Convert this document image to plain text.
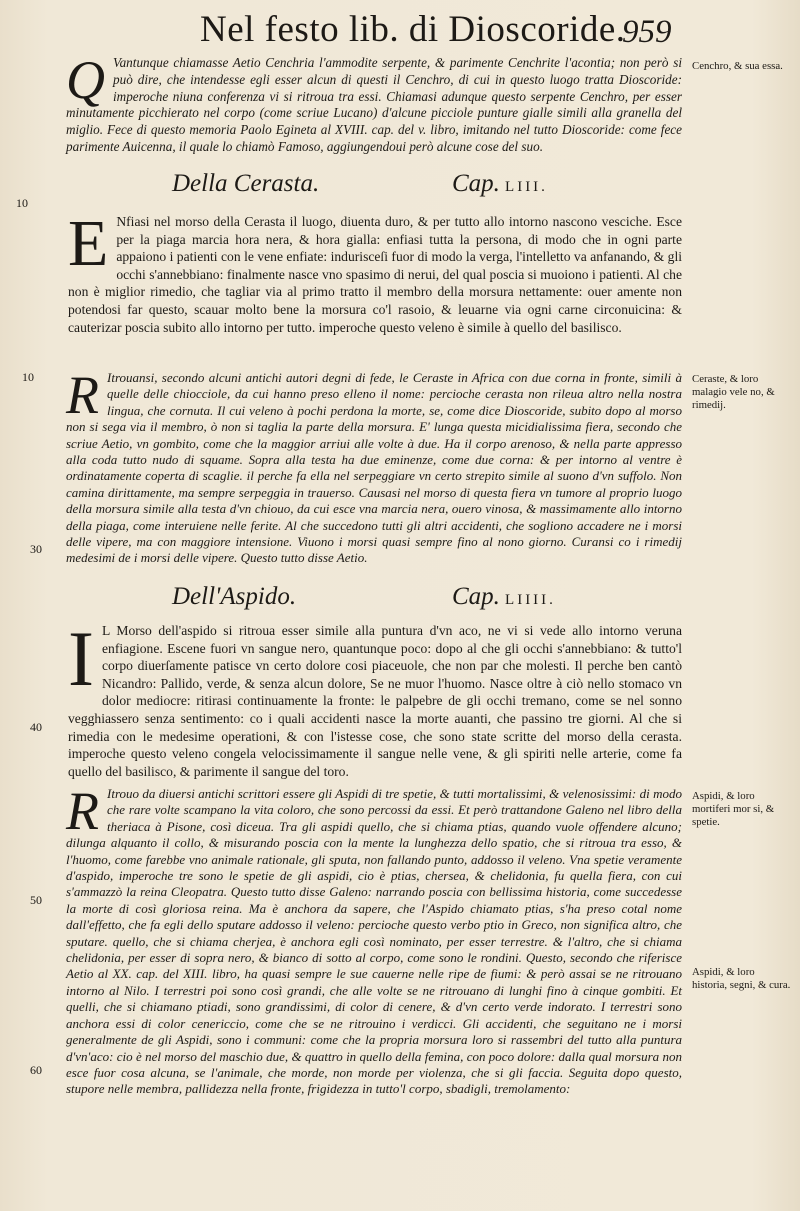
Nel festo lib. di Dioscoride.
959
Q Vantunque chiamasse Aetio Cenchria l'ammodite serpente, & parimente Cenchrite l'acontia; non però si può dire, che intendesse egli esser alcun di questi il Cenchro, di cui in questo luogo tratta Dioscoride: imperoche niuna conferenza vi si ritroua tra essi. Chiamasi adunque questo serpente Cenchro, per esser minutamente picchierato nel corpo (come scriue Lucano) d'alcune picciole punture gialle simili alla granella del miglio. Fece di questo memoria Paolo Egineta al XVIII. cap. del v. libro, imitando nel tutto Dioscoride: come fece parimente Auicenna, il quale lo chiamò Famoso, aggiungendoui però alcune cose del suo.
Cenchro, & sua essa.
10
Della Cerasta.	Cap. LIII.
E Nfiasi nel morso della Cerasta il luogo, diuenta duro, & per tutto allo intorno nascono vesciche. Esce per la piaga marcia hora nera, & hora gialla: enfiasi tutta la persona, di modo che in ogni parte appaiono i patienti con le vene enfiate: indurisceſi fuor di modo la verga, l'intelletto va anfanando, & gli occhi s'annebbiano: finalmente nasce vno spasimo di nerui, del qual poscia si muoiono i patienti. Al che non è miglior rimedio, che tagliar via al primo tratto il membro della morsura nettamente: ouer amente non potendosi far questo, scauar molto bene la morsura co'l rasoio, & leuarne via ogni carne circonuicina: & cauterizar poscia subito allo intorno per tutto. imperoche questo veleno è simile à quello del basilisco.
10 R Itrouansi, secondo alcuni antichi autori degni di fede, le Ceraste in Africa con due corna in fronte, simili à quelle delle chiocciole, da cui hanno preso elleno il nome: percioche cerasta non rileua altro nella nostra lingua, che cornuta. Il cui veleno à pochi perdona la morte, se, come dice Dioscoride, subito dopo al morso non si sega via il membro, ò non si taglia la parte della morsura. E' lunga questa micidialissima fiera, secondo che scriue Aetio, vn gombito, come che la maggior arriui alle volte à due. Ha il corpo arenoso, & nella parte appresso alla coda tutto nudo di squame. Sopra alla testa ha due eminenze, come due corna: & per intorno al ventre è ordinatamente coperta di scaglie. il perche fa ella nel serpeggiare vn certo strepito simile al suono d'vn suffolo. Non camina dirittamente, ma sempre serpeggia in trauerso. Causasi nel morso di questa fiera vn tumore al proprio luogo della morsura simile alla testa d'vn chiouo, da cui esce vna marcia nera, ouero vinosa, & massimamente allo intorno della piaga, come interuiene nelle ferite. Al che succedono tutti gli altri accidenti, che sogliono accadere ne i morsi delle vipere, ma con maggiore intensione. Viuono i morsi quasi sempre fino al nono giorno. Curansi co i rimedij medesimi de i morsi delle vipere. Questo tutto disse Aetio.
Ceraste, & loro malagio vele no, & rimedij.
30
Dell'Aspido.	Cap. LIIII.
I L Morso dell'aspido si ritroua esser simile alla puntura d'vn aco, ne vi si vede allo intorno veruna enfiagione. Escene fuori vn sangue nero, quantunque poco: dopo al che gli occhi s'annebbiano: & tutto'l corpo diuerſamente patisce vn certo dolore cosi piaceuole, che non par che molesti. Il perche ben cantò Nicandro: Pallido, verde, & senza alcun dolore, Se ne muor l'huomo. Nasce oltre à ciò nello stomaco vn dolor mediocre: ritirasi continuamente la fronte: le palpebre de gli occhi tremano, come se nel sonno vegghiassero senza sentimento: co i quali accidenti nasce la morte auanti, che passino tre giorni. Al che si rimedia con le medesime operationi, & con l'istesse cose, che sono state scritte del morso della cerasta. imperoche questo veleno congela velocissimamente il sangue nelle vene, & gli spiriti nelle arterie, come fa quello del basilisco, & parimente il sangue del toro.
40
R Itrouo da diuersi antichi scrittori essere gli Aspidi di tre spetie, & tutti mortalissimi, & velenosissimi: di modo che rare volte scampano la vita coloro, che sono percossi da essi. Et però trattandone Galeno nel libro della theriaca à Pisone, così diceua. Tra gli aspidi quello, che si chiama ptias, quando vuole offendere alcuno; dilunga alquanto il collo, & misurando poscia con la mente la lunghezza dello spatio, che si ritroua tra esso, & l'huomo, come farebbe vno animale rationale, gli sputa, non fallando punto, addosso il veleno. Vna spetie veramente d'aspido, imperoche tre sono le spetie de gli aspidi, cio è ptias, chersea, & chelidonia, fu quella fiera, con cui s'ammazzò la reina Cleopatra. Questo tutto disse Galeno: narrando poscia con bellissima historia, come succedesse la morte di così gloriosa reina. Ma è anchora da sapere, che l'Aspido chiamato ptias, s'ha preso cotal nome dall'effetto, che fa egli dello sputare addosso il veleno: percioche questo verbo ptio in Greco, non significa altro, che sputare. quello, che si chiama cherjea, è anchora egli così nominato, per esser terrestre. & l'altro, che si chiama chelidonia, per esser di sopra nero, & bianco di sotto al corpo, come sono le rondini. Questo, secondo che riferisce Aetio al XX. cap. del XIII. libro, ha quasi sempre le sue cauerne nelle ripe de fiumi: & però assai se ne ritrouano intorno al Nilo. I terrestri poi sono così grandi, che alle volte se ne ritrouano di lunghi fino à cinque gombiti. Et quelli, che si chiamano ptiadi, sono grandissimi, di color di cenere, & d'vn certo verde indorato. I terrestri sono anchora essi di color cenericcio, come che se ne ritrouino i verdicci. Gli accidenti, che seguitano ne i morsi generalmente de gli Aspidi, sono i communi: come che la propria morsura loro si rassembri del tutto alla puntura d'vn'aco: cio è nel morso del maschio due, & quattro in quello della femina, con poco dolore: dalla qual morsura non esce fuor cosa alcuna, se l'animale, che morde, non morde per violenza, che si gli faccia. Seguita dopo questo, stupore nelle membra, pallidezza nella fronte, frigidezza in tutto'l corpo, sbadigli, tremolamento:
Aspidi, & loro mortiferi mor si, & spetie.
Aspidi, & loro historia, segni, & cura.
50
60
